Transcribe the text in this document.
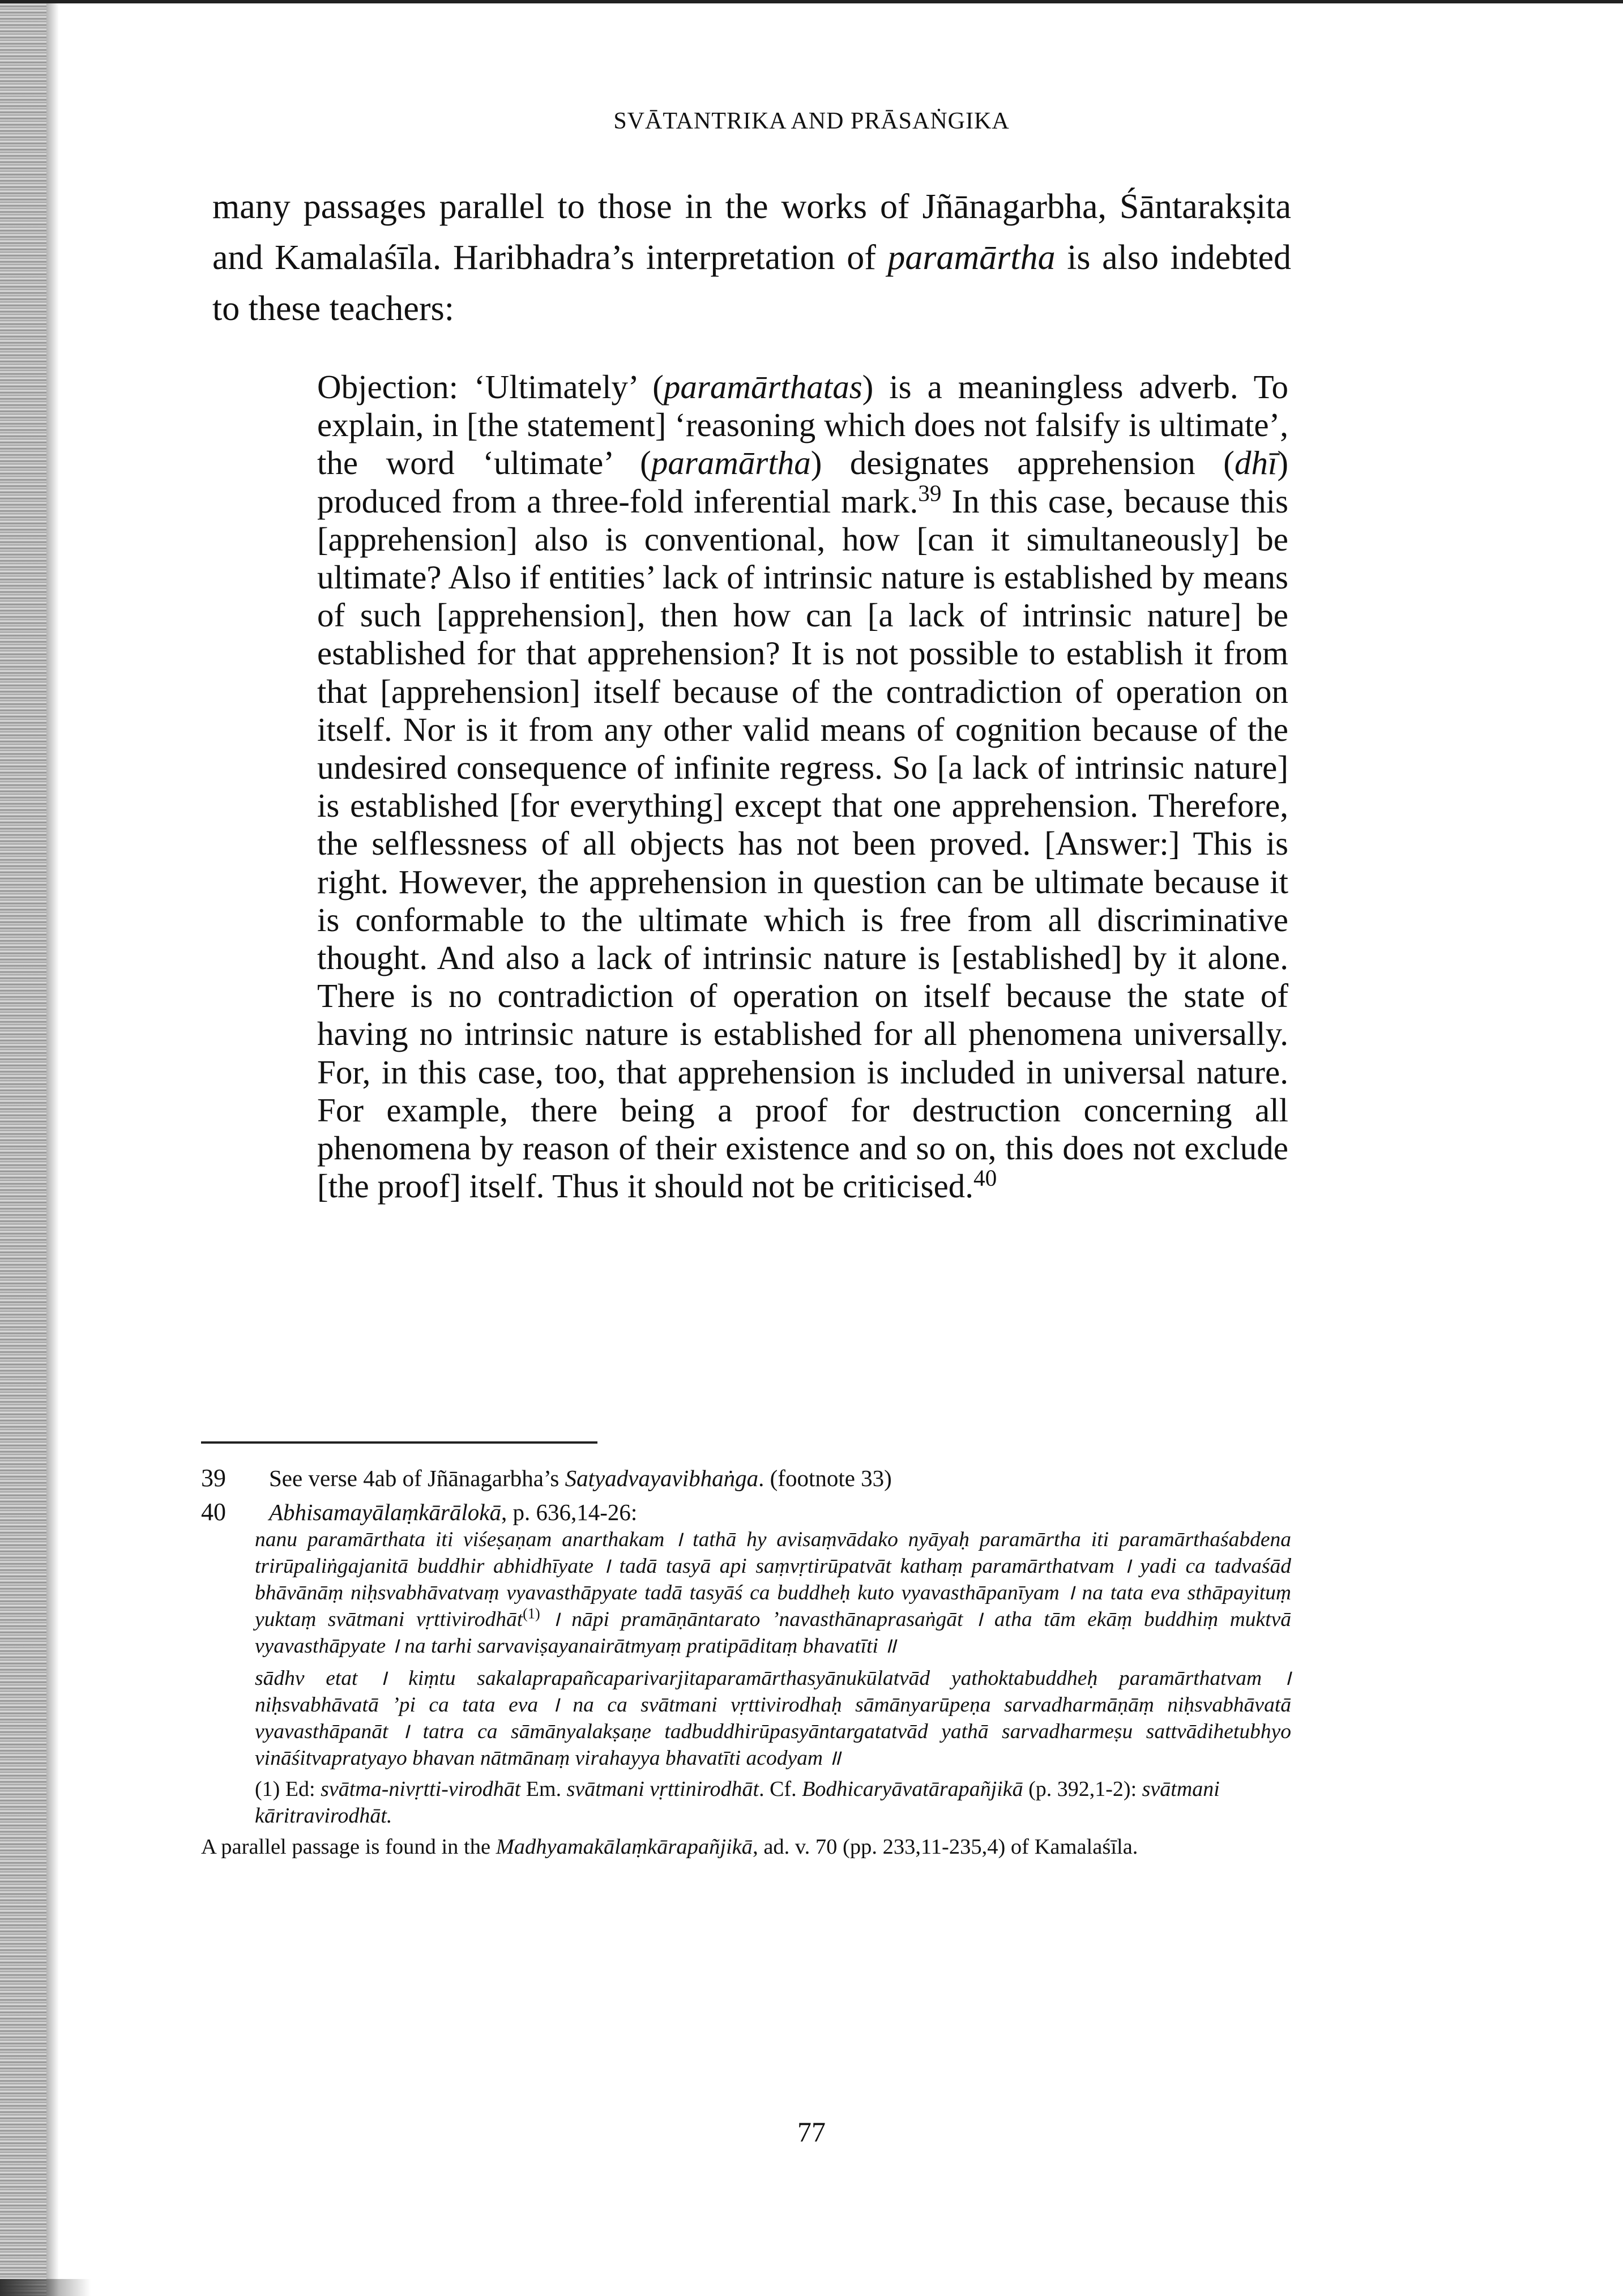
SVĀTANTRIKA AND PRĀSAṄGIKA

many passages parallel to those in the works of Jñānagarbha, Śāntarakṣita and Kamalaśīla. Haribhadra’s interpretation of paramārtha is also indebted to these teachers:

Objection: ‘Ultimately’ (paramārthatas) is a meaningless adverb. To explain, in [the statement] ‘reasoning which does not falsify is ultimate’, the word ‘ultimate’ (paramārtha) designates apprehension (dhī) produced from a three-fold inferential mark.$^{39}$ In this case, because this [apprehension] also is conventional, how [can it simultaneously] be ultimate? Also if entities’ lack of intrinsic nature is established by means of such [apprehension], then how can [a lack of intrinsic nature] be established for that apprehension? It is not possible to establish it from that [apprehension] itself because of the contradiction of operation on itself. Nor is it from any other valid means of cognition because of the undesired consequence of infinite regress. So [a lack of intrinsic nature] is established [for everything] except that one apprehension. Therefore, the selflessness of all objects has not been proved. [Answer:] This is right. However, the apprehension in question can be ultimate because it is conformable to the ultimate which is free from all discriminative thought. And also a lack of intrinsic nature is [established] by it alone. There is no contradiction of operation on itself because the state of having no intrinsic nature is established for all phenomena universally. For, in this case, too, that apprehension is included in universal nature. For example, there being a proof for destruction concerning all phenomena by reason of their existence and so on, this does not exclude [the proof] itself. Thus it should not be criticised.$^{40}$

39	See verse 4ab of Jñānagarbha’s Satyadvayavibhaṅga. (footnote 33)
40	Abhisamayālaṃkārālokā, p. 636,14-26:
nanu paramārthata iti viśeṣaṇam anarthakam । tathā hy avisaṃvādako nyāyaḥ paramārtha iti paramārthaśabdena trirūpaliṅgajanitā buddhir abhidhīyate । tadā tasyā api saṃvṛtirūpatvāt kathaṃ paramārthatvam । yadi ca tadvaśād bhāvānāṃ niḥsvabhāvatvaṃ vyavasthāpyate tadā tasyāś ca buddheḥ kuto vyavasthāpanīyam । na tata eva sthāpayituṃ yuktaṃ svātmani vṛttivirodhāt$^{(1)}$ । nāpi pramāṇāntarato ’navasthānaprasaṅgāt । atha tām ekāṃ buddhiṃ muktvā vyavasthāpyate । na tarhi sarvaviṣayanairātmyaṃ pratipāditaṃ bhavatīti ॥
sādhv etat । kiṃtu sakalaprapañcaparivarjitaparamārthasyānukūlatvād yathoktabuddheḥ paramārthatvam । niḥsvabhāvatā ’pi ca tata eva । na ca svātmani vṛttivirodhaḥ sāmānyarūpeṇa sarvadharmāṇāṃ niḥsvabhāvatā vyavasthāpanāt । tatra ca sāmānyalakṣaṇe tadbuddhirūpasyāntargatatvād yathā sarvadharmeṣu sattvādihetubhyo vināśitvapratyayo bhavan nātmānaṃ virahayya bhavatīti acodyam ॥
(1) Ed: svātma-nivṛtti-virodhāt Em. svātmani vṛttinirodhāt. Cf. Bodhicaryāvatārapañjikā (p. 392,1-2): svātmani kāritravirodhāt.
A parallel passage is found in the Madhyamakālaṃkārapañjikā, ad. v. 70 (pp. 233,11-235,4) of Kamalaśīla.
77
